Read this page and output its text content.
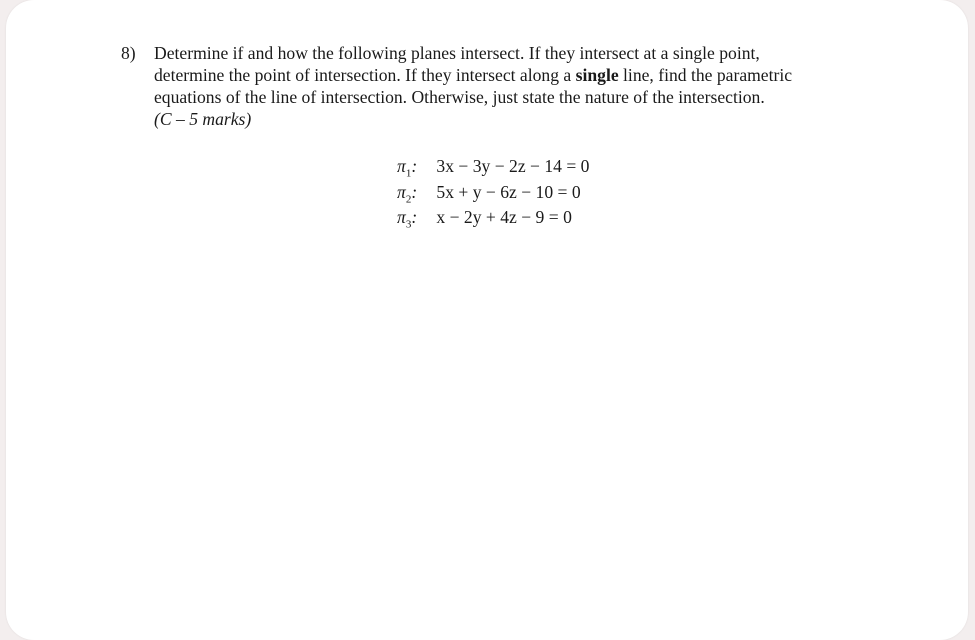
8) Determine if and how the following planes intersect. If they intersect at a single point,
determine the point of intersection. If they intersect along a single line, find the parametric
equations of the line of intersection. Otherwise, just state the nature of the intersection.
(C – 5 marks)
$\pi_1$: 3x − 3y − 2z − 14 = 0
$\pi_2$: 5x + y − 6z − 10 = 0
$\pi_3$: x − 2y + 4z − 9 = 0
